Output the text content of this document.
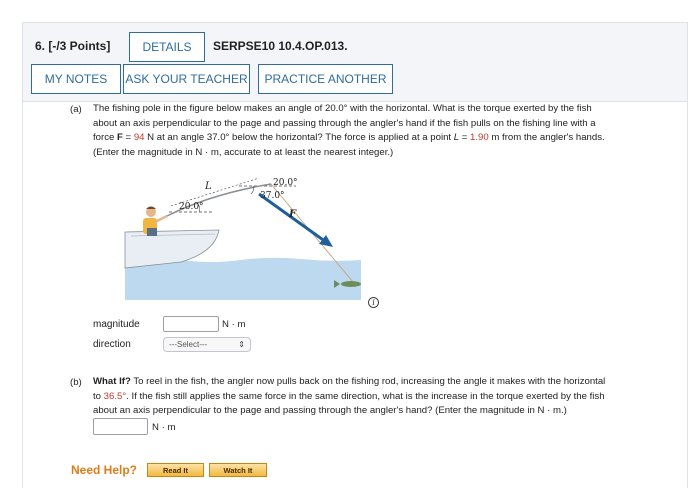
6. [-/3 Points]	DETAILS	SERPSE10 10.4.OP.013.
MY NOTES	ASK YOUR TEACHER	PRACTICE ANOTHER
(a) The fishing pole in the figure below makes an angle of 20.0° with the horizontal. What is the torque exerted by the fish
about an axis perpendicular to the page and passing through the angler's hand if the fish pulls on the fishing line with a
force F = 94 N at an angle 37.0° below the horizontal? The force is applied at a point L = 1.90 m from the angler's hands.
(Enter the magnitude in N · m, accurate to at least the nearest integer.)
L
20.0°
20.0°
37.0°
F
i
magnitude	N · m
direction	---Select---	⇕
(b) What If? To reel in the fish, the angler now pulls back on the fishing rod, increasing the angle it makes with the horizontal
to 36.5°. If the fish still applies the same force in the same direction, what is the increase in the torque exerted by the fish
about an axis perpendicular to the page and passing through the angler's hand? (Enter the magnitude in N · m.)
N · m
Need Help?	Read It	Watch It
